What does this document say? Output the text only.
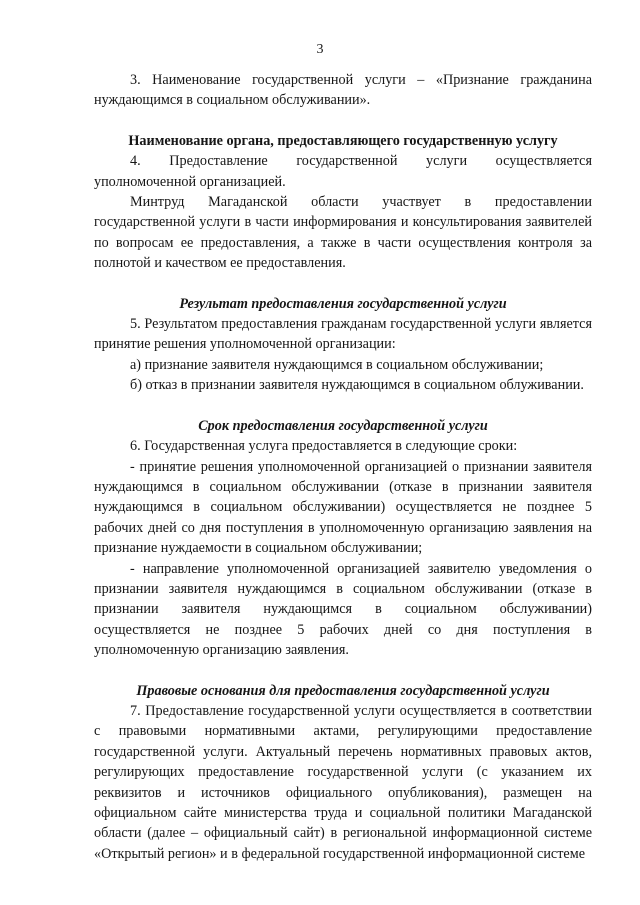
3

3. Наименование государственной услуги – «Признание гражданина нуждающимся в социальном обслуживании».

Наименование органа, предоставляющего государственную услугу

4. Предоставление государственной услуги осуществляется уполномоченной организацией.

Минтруд Магаданской области участвует в предоставлении государственной услуги в части информирования и консультирования заявителей по вопросам ее предоставления, а также в части осуществления контроля за полнотой и качеством ее предоставления.

Результат предоставления государственной услуги

5. Результатом предоставления гражданам государственной услуги является принятие решения уполномоченной организации:

а) признание заявителя нуждающимся в социальном обслуживании;

б) отказ в признании заявителя нуждающимся в социальном облуживании.

Срок предоставления государственной услуги

6. Государственная услуга предоставляется в следующие сроки:

- принятие решения уполномоченной организацией о признании заявителя нуждающимся в социальном обслуживании (отказе в признании заявителя нуждающимся в социальном обслуживании) осуществляется не позднее 5 рабочих дней со дня поступления в уполномоченную организацию заявления на признание нуждаемости в социальном обслуживании;

- направление уполномоченной организацией заявителю уведомления о признании заявителя нуждающимся в социальном обслуживании (отказе в признании заявителя нуждающимся в социальном обслуживании) осуществляется не позднее 5 рабочих дней со дня поступления в уполномоченную организацию заявления.

Правовые основания для предоставления государственной услуги

7. Предоставление государственной услуги осуществляется в соответствии с правовыми нормативными актами, регулирующими предоставление государственной услуги. Актуальный перечень нормативных правовых актов, регулирующих предоставление государственной услуги (с указанием их реквизитов и источников официального опубликования), размещен на официальном сайте министерства труда и социальной политики Магаданской области (далее – официальный сайт) в региональной информационной системе «Открытый регион» и в федеральной государственной информационной системе
